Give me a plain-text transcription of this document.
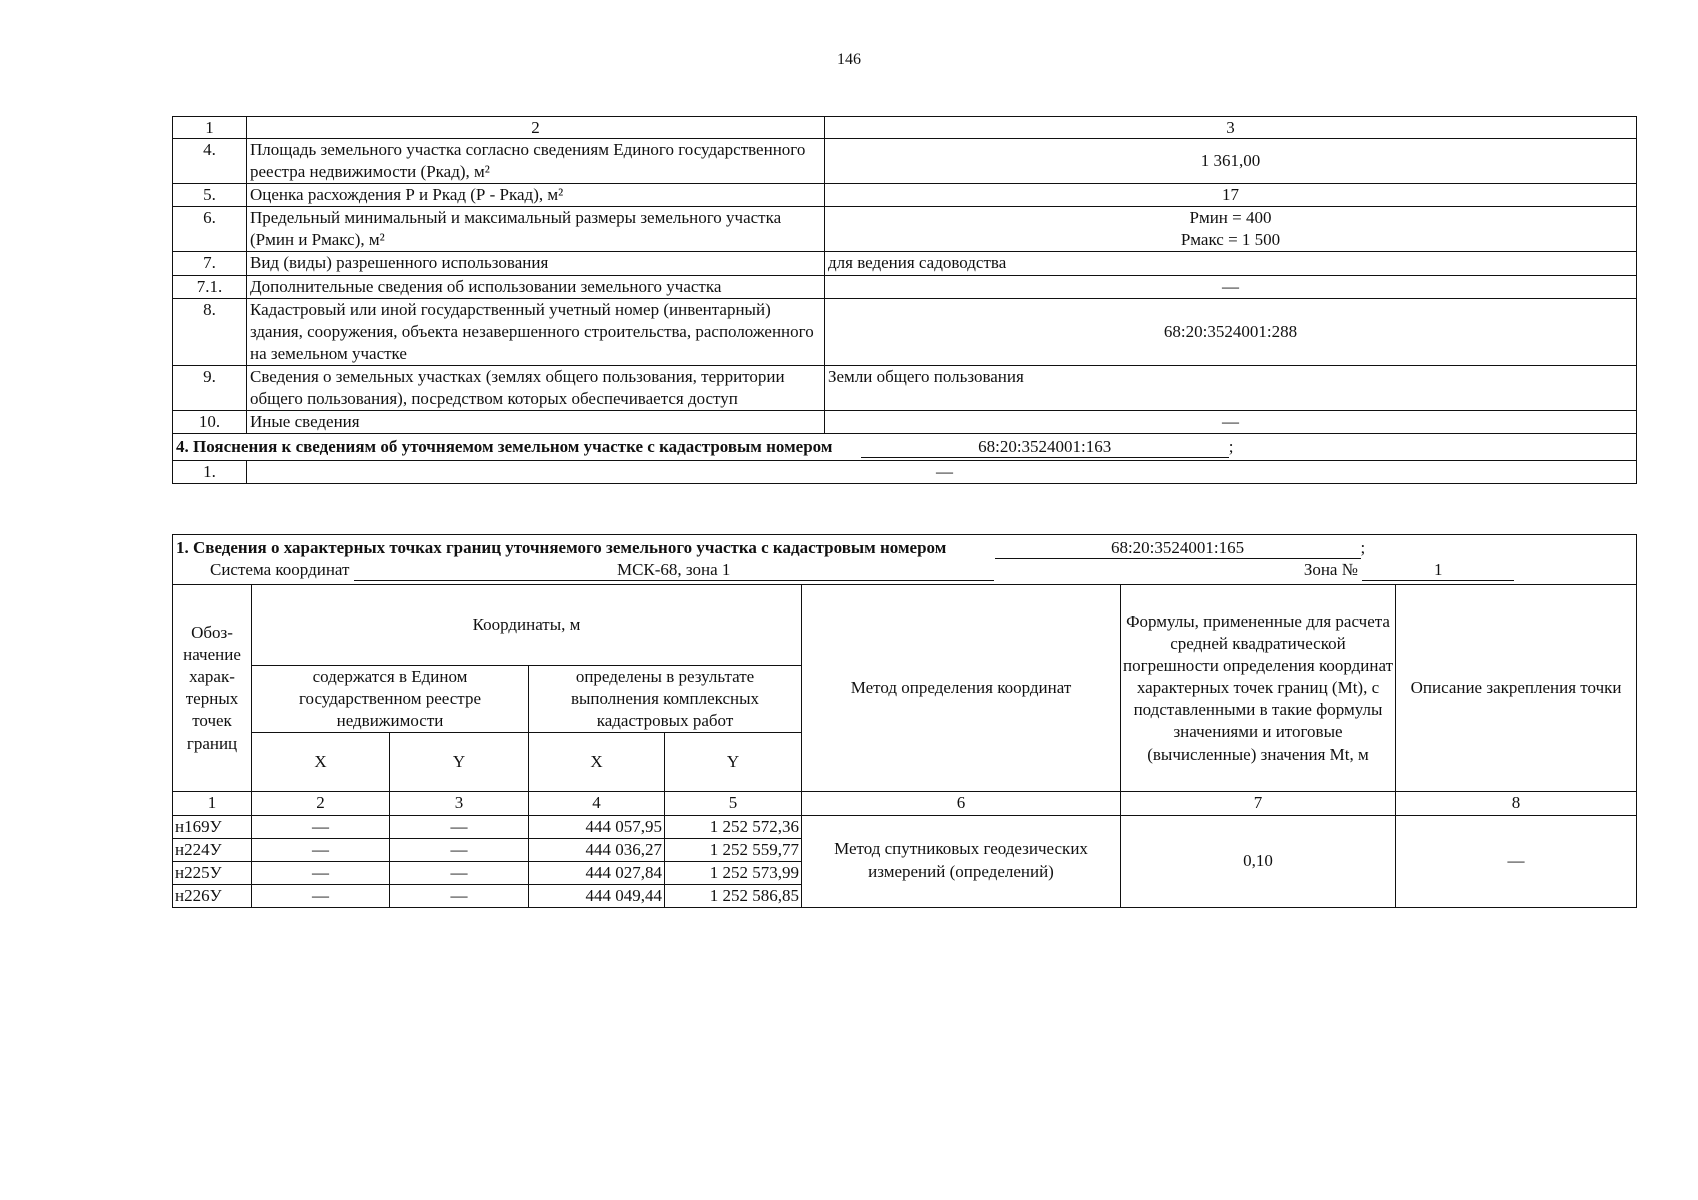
146
1	2	3
4.	Площадь земельного участка согласно сведениям Единого государственного реестра недвижимости (Ркад), м²	1 361,00
5.	Оценка расхождения Р и Ркад (Р - Ркад), м²	17
6.	Предельный минимальный и максимальный размеры земельного участка (Рмин и Рмакс), м²	Рмин = 400
Рмакс = 1 500

7.	Вид (виды) разрешенного использования	для ведения садоводства
7.1.	Дополнительные сведения об использовании земельного участка	—
8.	Кадастровый или иной государственный учетный номер (инвентарный) здания, сооружения, объекта незавершенного строительства, расположенного на земельном участке	68:20:3524001:288
9.	Сведения о земельных участках (землях общего пользования, территории общего пользования), посредством которых обеспечивается доступ	Земли общего пользования
10.	Иные сведения	—
4. Пояснения к сведениям об уточняемом земельном участке с кадастровым номером 68:20:3524001:163 ;		
1.	—	
1. Сведения о характерных точках границ уточняемого земельного участка с кадастровым номером 68:20:3524001:165 ;
Система координат МСК-68, зона 1 Зона № 1							

Обоз-начение харак-терных точек границ	Координаты, м				Метод определения координат	Формулы, примененные для расчета средней квадратической погрешности определения координат характерных точек границ (Mt), с подставленными в такие формулы значениями и итоговые (вычисленные) значения Mt, м	Описание закрепления точки
	содержатся в Едином государственном реестре недвижимости		определены в результате выполнения комплексных кадастровых работ				
	X	Y	X	Y			
1	2	3	4	5	6	7	8
н169У	—	—	444 057,95	1 252 572,36	Метод спутниковых геодезических измерений (определений)	0,10	—
н224У	—	—	444 036,27	1 252 559,77			
н225У	—	—	444 027,84	1 252 573,99			
н226У	—	—	444 049,44	1 252 586,85			
